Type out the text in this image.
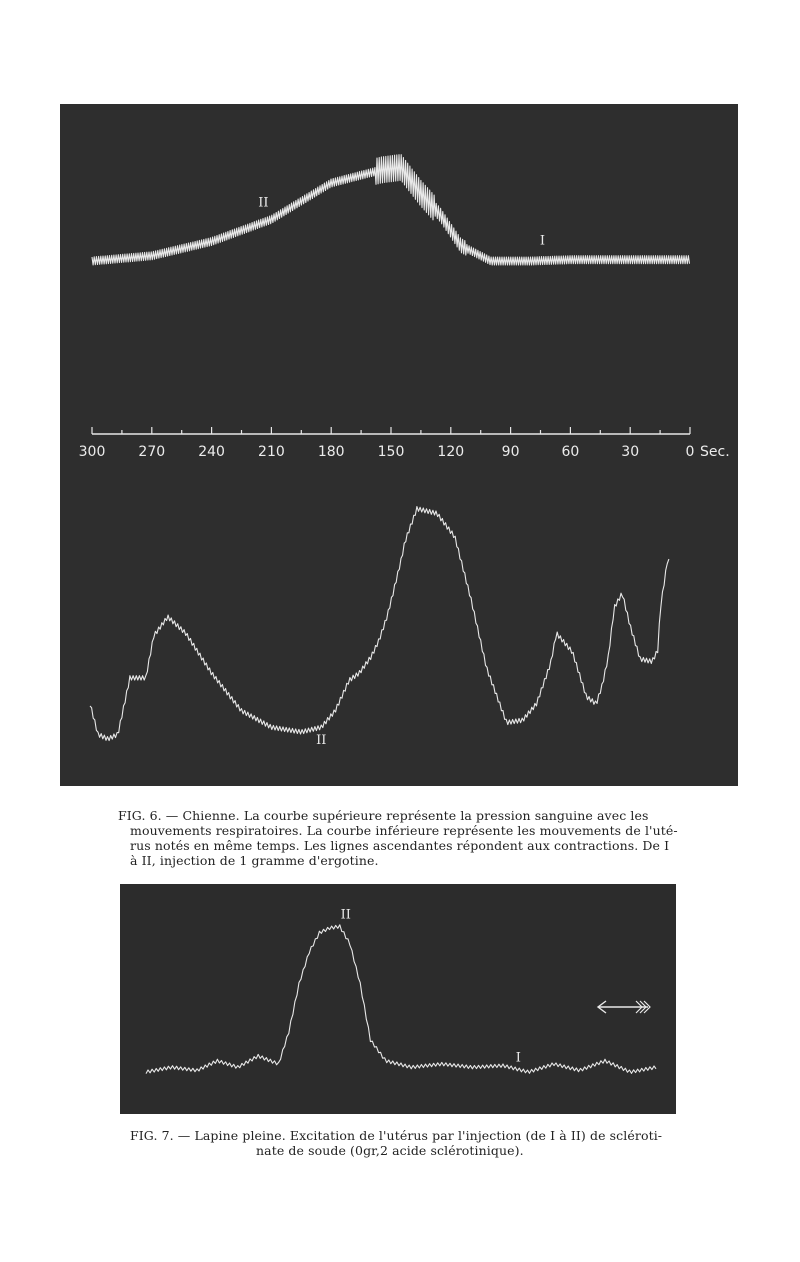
300 270 240 210 180 150 120	90	60	30	0 Sec.
II
I
II
FIG. 6. — Chienne. La courbe supérieure représente la pression sanguine avec les
mouvements respiratoires. La courbe inférieure représente les mouvements de l'uté-
rus notés en même temps. Les lignes ascendantes répondent aux contractions. De I
à II, injection de 1 gramme d'ergotine.
II
I
FIG. 7. — Lapine pleine. Excitation de l'utérus par l'injection (de I à II) de scléroti-
nate de soude (0gr,2 acide sclérotinique).
